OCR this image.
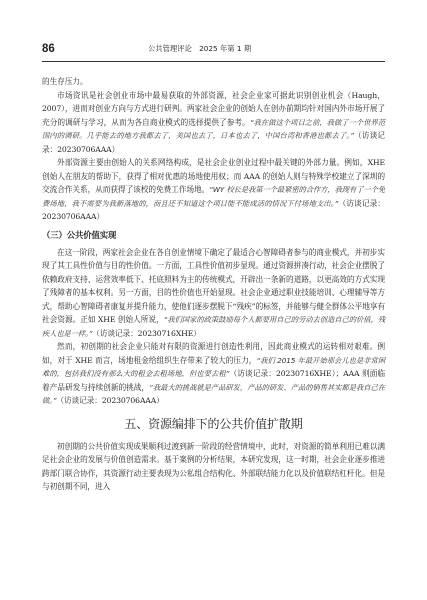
86	公共管理评论　2025 年第 1 期

的生存压力。

市场资讯是社会创业市场中最易获取的外部资源，社会企业家可据此识别创业机会（Haugh，2007），进而对创业方向与方式进行研判。两家社会企业的创始人在创办前期均针对国内外市场开展了充分的调研与学习，从而为各自商业模式的选择提供了参考。“我在做这个项目之前，我做了一个世界范围内的调研。几乎能去的地方我都去了，美国也去了，日本也去了，中国台湾和香港也都去了。”（访谈记录：20230706AAA）

外部资源主要由创始人的关系网络构成，是社会企业创业过程中最关键的外部力量。例如，XHE 创始人在朋友的帮助下，获得了相对优惠的场地使用权；而 AAA 的创始人则与特殊学校建立了深圳的交流合作关系，从而获得了该校的免费工作场地。“WY 校长是我第一个最紧密的合作方，我现有了一个免费场地，我不需要为我新落地的，而且还不知道这个项目能不能成活的情况下付场地支出。”（访谈记录：20230706AAA）

（三）公共价值实现

在这一阶段，两家社会企业在各自创业情境下确定了最适合心智障碍者参与的商业模式，并初步实现了其工具性价值与目的性价值。一方面，工具性价值初步显现。通过资源拼凑行动，社会企业摆脱了依赖政府支持、运营效率低下、托底照料为主的传统模式，开辟出一条新的道路，以更高效的方式实现了残障者的基本权利。另一方面，目的性价值也开始显现。社会企业通过职业技能培训、心理辅导等方式，帮助心智障碍者康复并提升能力，使他们逐步摆脱下“残疾”的标签，并能够与健全群体公平地享有社会资源。正如 XHE 创始人所说，“我们国家的政策鼓励每个人都要用自己的劳动去创造自己的价值，残疾人也是一样。”（访谈记录：20230716XHE）

然而，初创期的社会企业只能对有限的资源进行创造性利用，因此商业模式的运转相对艰难。例如，对于 XHE 而言，场地租金给组织生存带来了较大的压力，“我们 2015 年最开始那会儿也是非常困难的，包括我们没有那么大的租金去租场地，但也要去租”（访谈记录：20230716XHE）；AAA 则面临着产品研发与持续创新的挑战，“我最大的挑战就是产品研发，产品的研发、产品的销售其实都是我自己在做。”（访谈记录：20230706AAA）

五、资源编排下的公共价值扩散期

初创期的公共价值实现成果顺利过渡到新一阶段的经营情境中，此时，对资源的简单利用已难以满足社会企业的发展与价值创造需求。基于案例的分析结果，本研究发现，这一时期，社会企业逐步推进跨部门联合协作，其资源行动主要表现为公私组合结构化、外部联结能力化以及价值联结杠杆化。但是与初创期不同，进入
